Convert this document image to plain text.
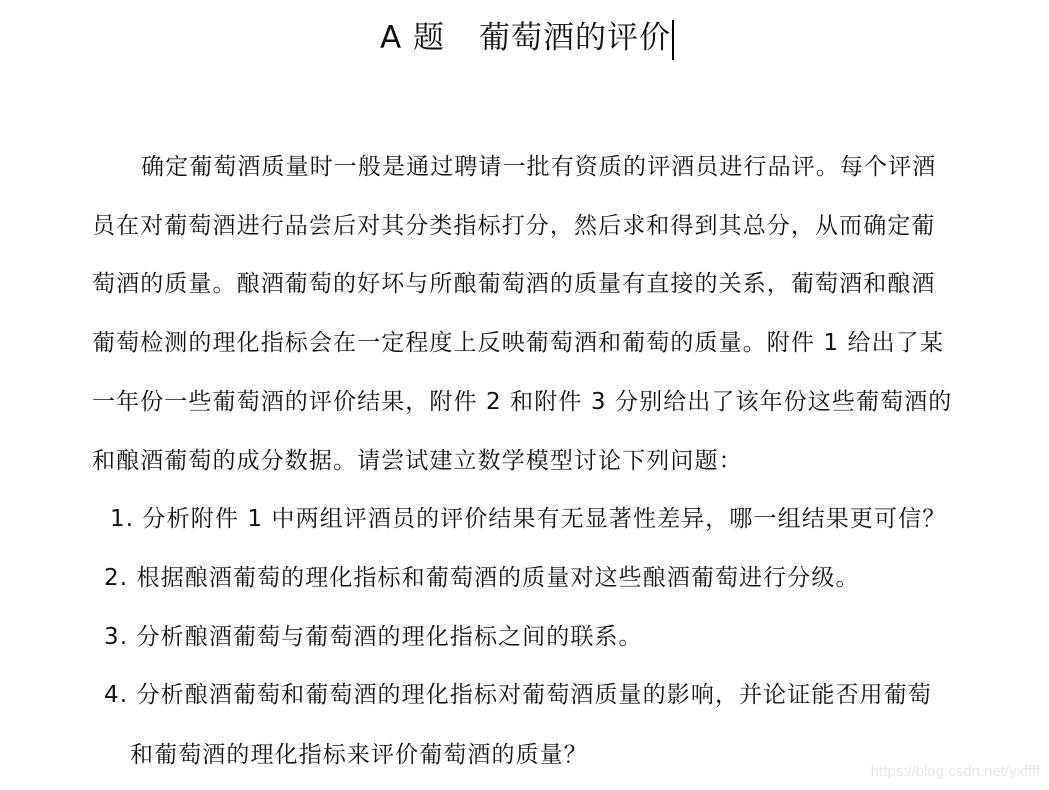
A 题 葡萄酒的评价
确定葡萄酒质量时一般是通过聘请一批有资质的评酒员进行品评。每个评酒
员在对葡萄酒进行品尝后对其分类指标打分，然后求和得到其总分，从而确定葡
萄酒的质量。酿酒葡萄的好坏与所酿葡萄酒的质量有直接的关系，葡萄酒和酿酒
葡萄检测的理化指标会在一定程度上反映葡萄酒和葡萄的质量。附件 1 给出了某
一年份一些葡萄酒的评价结果，附件 2 和附件 3 分别给出了该年份这些葡萄酒的
和酿酒葡萄的成分数据。请尝试建立数学模型讨论下列问题：
1. 分析附件 1 中两组评酒员的评价结果有无显著性差异，哪一组结果更可信？
2. 根据酿酒葡萄的理化指标和葡萄酒的质量对这些酿酒葡萄进行分级。
3. 分析酿酒葡萄与葡萄酒的理化指标之间的联系。
4. 分析酿酒葡萄和葡萄酒的理化指标对葡萄酒质量的影响，并论证能否用葡萄
和葡萄酒的理化指标来评价葡萄酒的质量？
https://blog.csdn.net/yxffff
